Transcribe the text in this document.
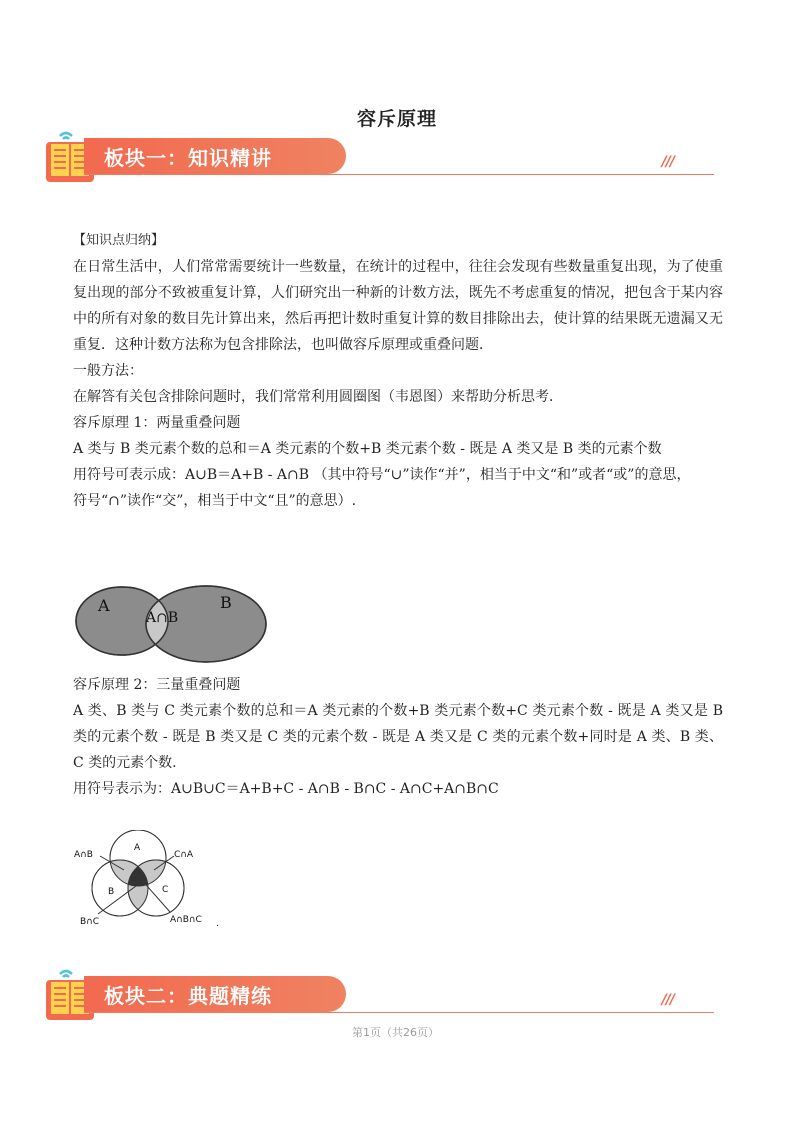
容斥原理
板块一：知识精讲	///

【知识点归纳】

在日常生活中，人们常常需要统计一些数量，在统计的过程中，往往会发现有些数量重复出现，为了使重复出现的部分不致被重复计算，人们研究出一种新的计数方法，既先不考虑重复的情况，把包含于某内容中的所有对象的数目先计算出来，然后再把计数时重复计算的数目排除出去，使计算的结果既无遗漏又无重复．这种计数方法称为包含排除法，也叫做容斥原理或重叠问题．

一般方法：

在解答有关包含排除问题时，我们常常利用圆圈图（韦恩图）来帮助分析思考．

容斥原理 1：两量重叠问题

A 类与 B 类元素个数的总和＝A 类元素的个数+B 类元素个数 - 既是 A 类又是 B 类的元素个数

用符号可表示成：A∪B＝A+B - A∩B （其中符号“∪”读作“并”，相当于中文“和”或者“或”的意思，

符号“∩”读作“交”，相当于中文“且”的意思）.

A	B
A∩B

容斥原理 2：三量重叠问题

A 类、B 类与 C 类元素个数的总和＝A 类元素的个数+B 类元素个数+C 类元素个数 - 既是 A 类又是 B 类的元素个数 - 既是 B 类又是 C 类的元素个数 - 既是 A 类又是 C 类的元素个数+同时是 A 类、B 类、C 类的元素个数.

用符号表示为：A∪B∪C＝A+B+C - A∩B - B∩C - A∩C+A∩B∩C

A
B	C
A∩B	C∩A
B∩C	A∩B∩C .
板块二：典题精练	///
第1页（共26页）
